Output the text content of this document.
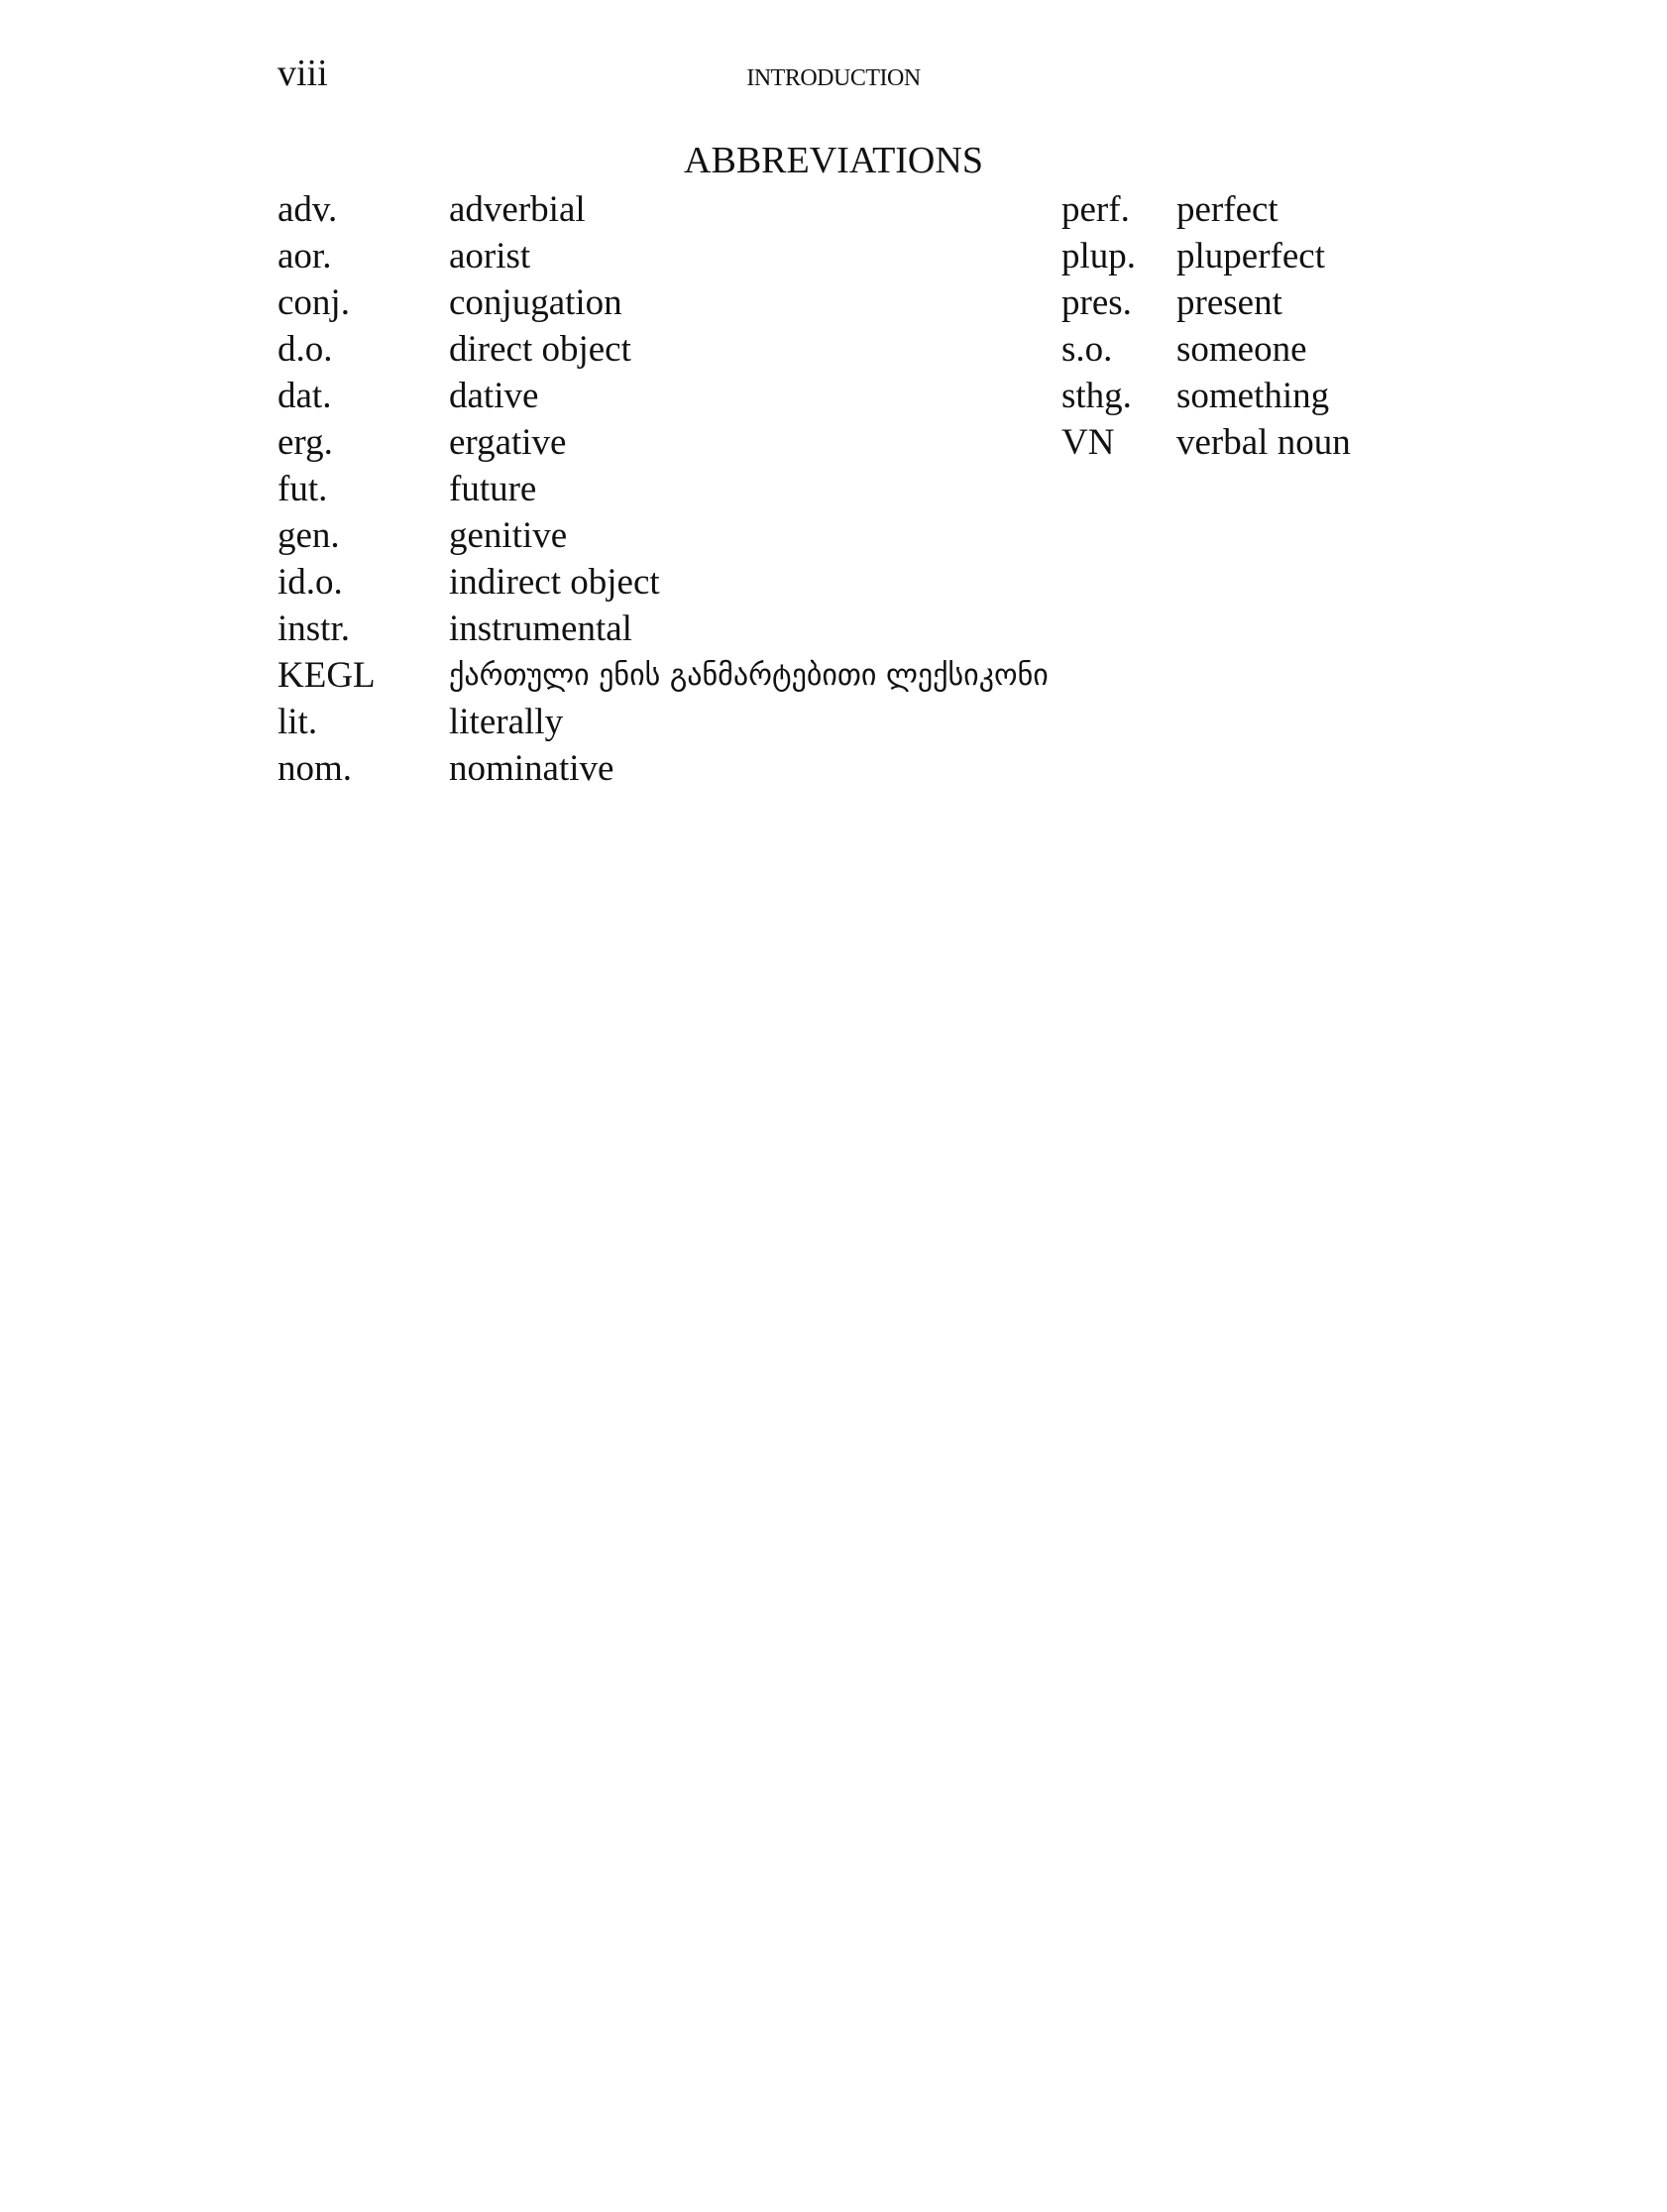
viii	INTRODUCTION
ABBREVIATIONS
adv.	adverbial
aor.	aorist
conj.	conjugation
d.o.	direct object
dat.	dative
erg.	ergative
fut.	future
gen.	genitive
id.o.	indirect object
instr.	instrumental
KEGL ქართული ენის განმარტებითი ლექსიკონი
lit.	literally
nom.	nominative
perf. perfect
plup. pluperfect
pres. present
s.o. someone
sthg. something
VN verbal noun
